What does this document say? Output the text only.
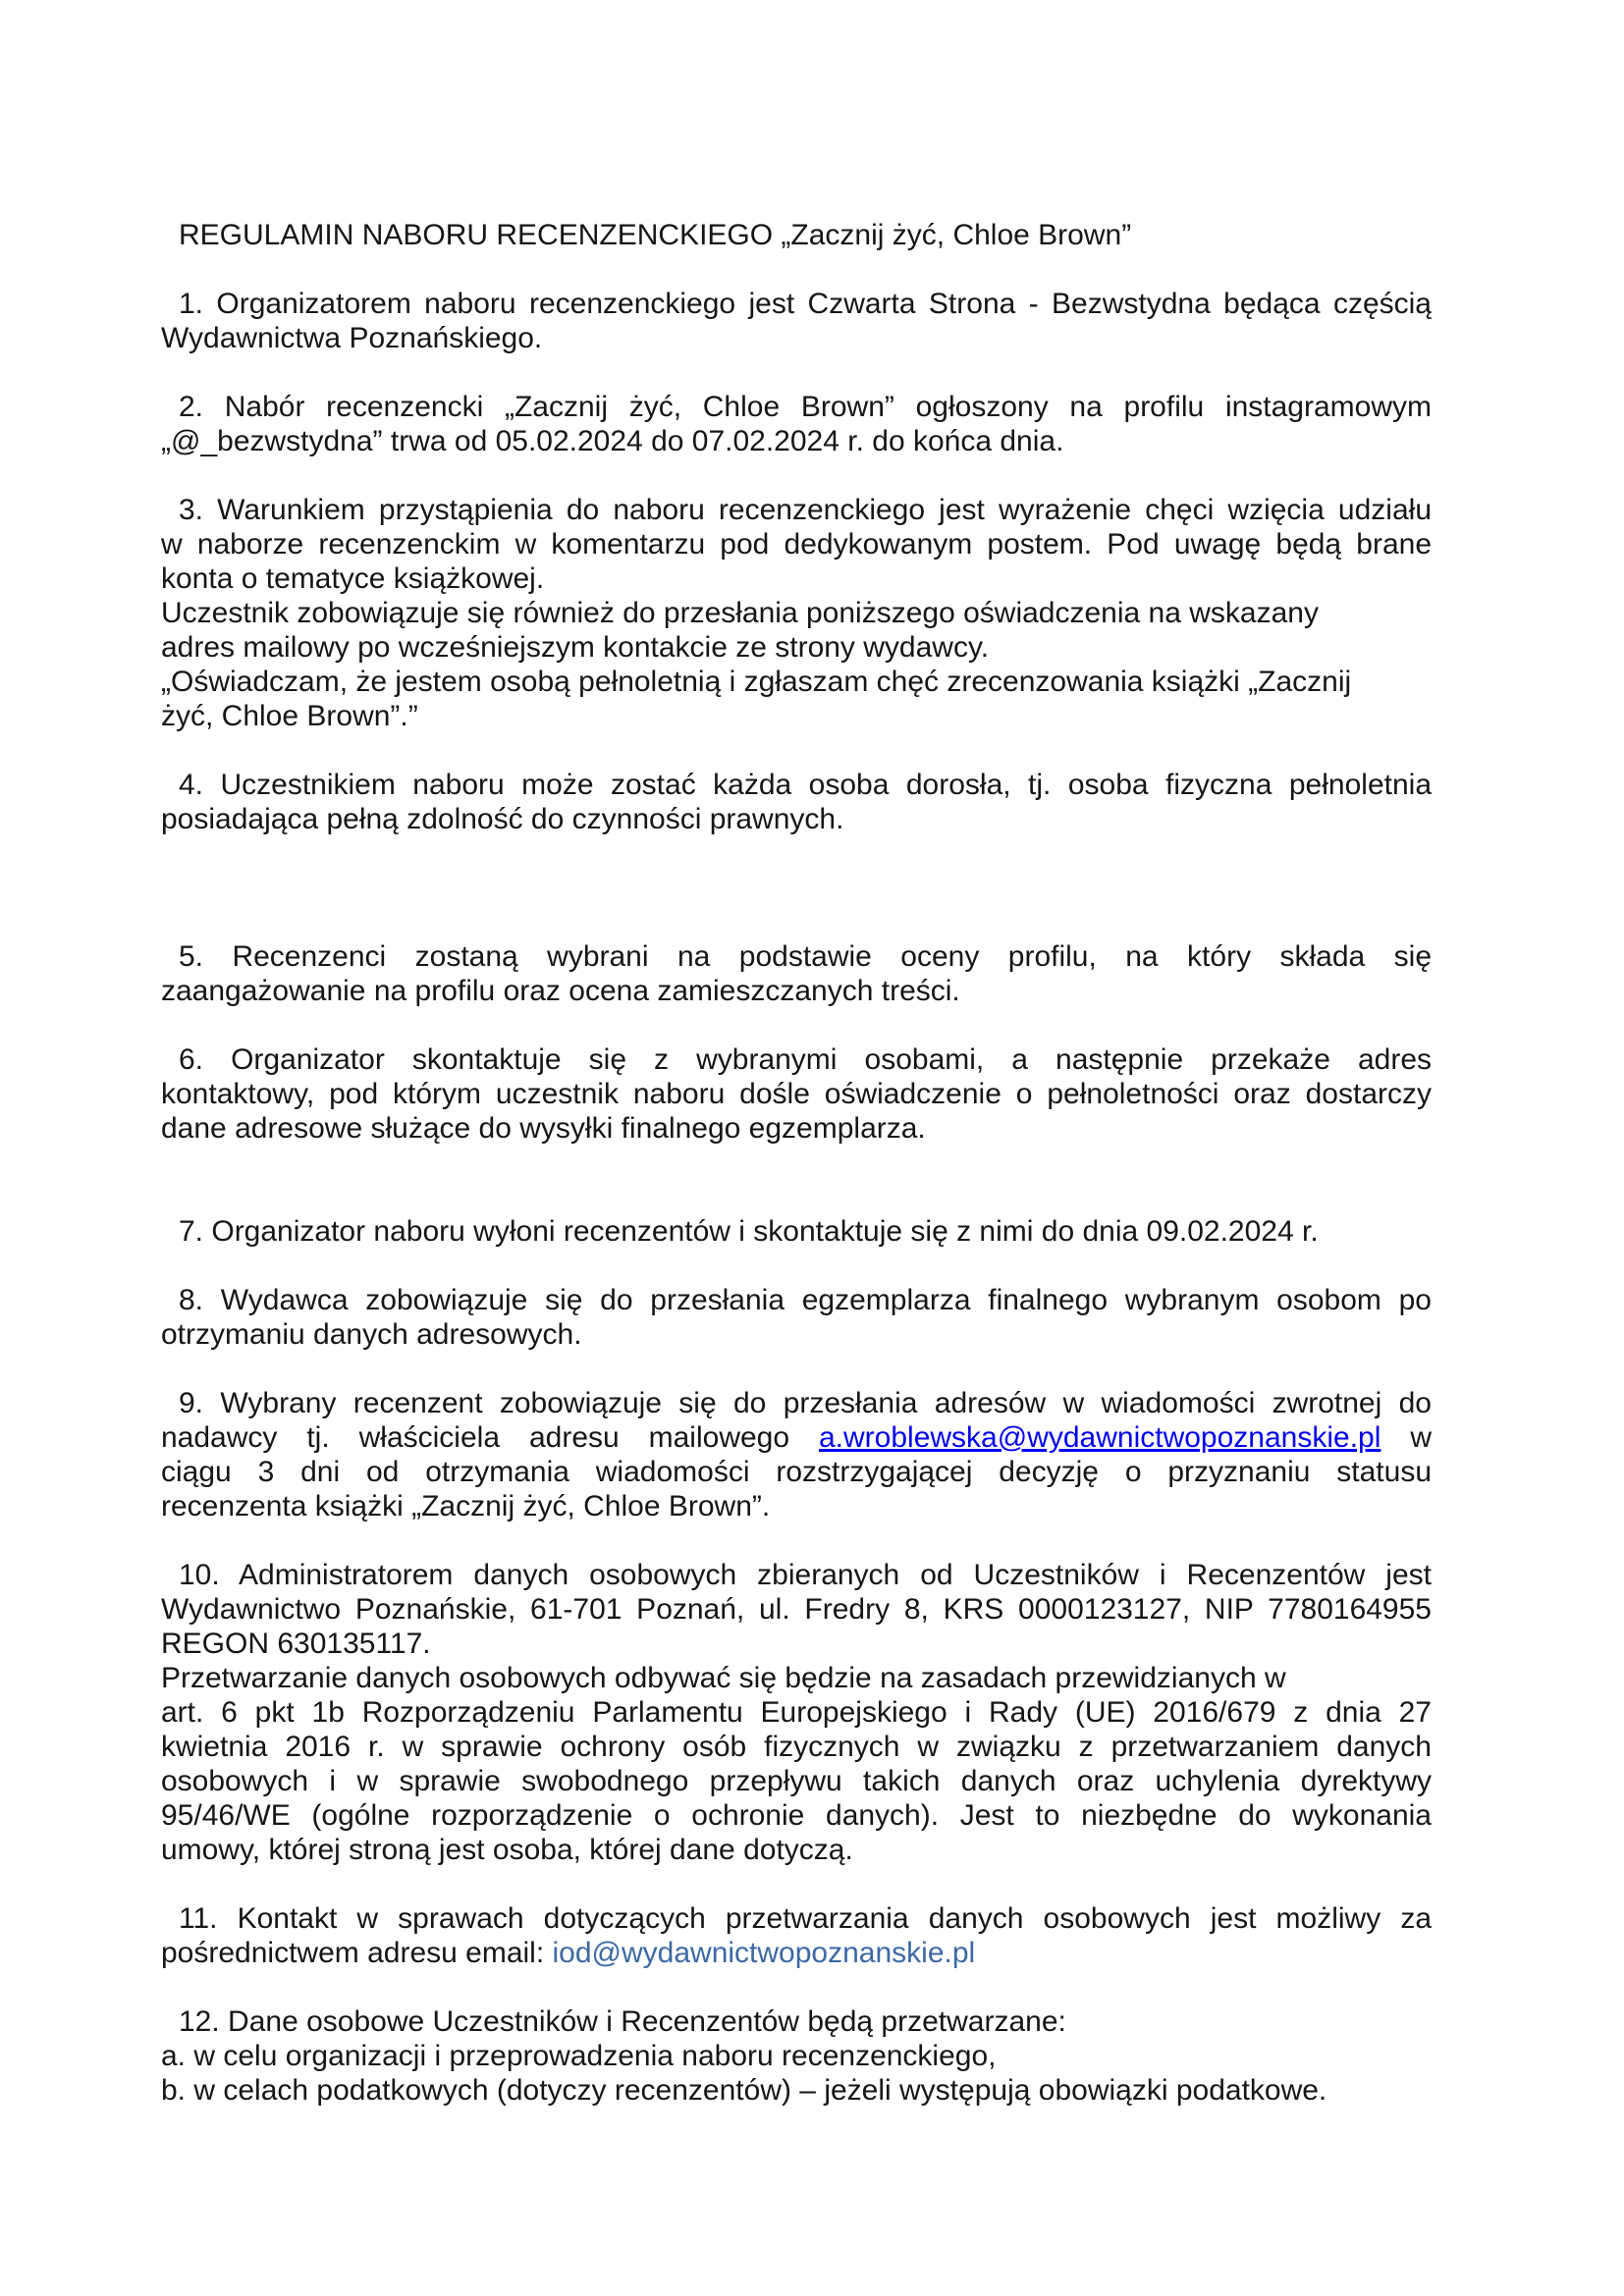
REGULAMIN NABORU RECENZENCKIEGO „Zacznij żyć, Chloe Brown”
1. Organizatorem naboru recenzenckiego jest Czwarta Strona - Bezwstydna będąca częścią
Wydawnictwa Poznańskiego.
2. Nabór recenzencki „Zacznij żyć, Chloe Brown” ogłoszony na profilu instagramowym
„@_bezwstydna” trwa od 05.02.2024 do 07.02.2024 r. do końca dnia.
3. Warunkiem przystąpienia do naboru recenzenckiego jest wyrażenie chęci wzięcia udziału
w naborze recenzenckim w komentarzu pod dedykowanym postem. Pod uwagę będą brane
konta o tematyce książkowej.
Uczestnik zobowiązuje się również do przesłania poniższego oświadczenia na wskazany
adres mailowy po wcześniejszym kontakcie ze strony wydawcy.
„Oświadczam, że jestem osobą pełnoletnią i zgłaszam chęć zrecenzowania książki „Zacznij
żyć, Chloe Brown”.”
4. Uczestnikiem naboru może zostać każda osoba dorosła, tj. osoba fizyczna pełnoletnia
posiadająca pełną zdolność do czynności prawnych.
5. Recenzenci zostaną wybrani na podstawie oceny profilu, na który składa się
zaangażowanie na profilu oraz ocena zamieszczanych treści.
6. Organizator skontaktuje się z wybranymi osobami, a następnie przekaże adres
kontaktowy, pod którym uczestnik naboru dośle oświadczenie o pełnoletności oraz dostarczy
dane adresowe służące do wysyłki finalnego egzemplarza.
7. Organizator naboru wyłoni recenzentów i skontaktuje się z nimi do dnia 09.02.2024 r.
8. Wydawca zobowiązuje się do przesłania egzemplarza finalnego wybranym osobom po
otrzymaniu danych adresowych.
9. Wybrany recenzent zobowiązuje się do przesłania adresów w wiadomości zwrotnej do
nadawcy tj. właściciela adresu mailowego a.wroblewska@wydawnictwopoznanskie.pl w
ciągu 3 dni od otrzymania wiadomości rozstrzygającej decyzję o przyznaniu statusu
recenzenta książki „Zacznij żyć, Chloe Brown”.
10. Administratorem danych osobowych zbieranych od Uczestników i Recenzentów jest
Wydawnictwo Poznańskie, 61-701 Poznań, ul. Fredry 8, KRS 0000123127, NIP 7780164955
REGON 630135117.
Przetwarzanie danych osobowych odbywać się będzie na zasadach przewidzianych w
art. 6 pkt 1b Rozporządzeniu Parlamentu Europejskiego i Rady (UE) 2016/679 z dnia 27
kwietnia 2016 r. w sprawie ochrony osób fizycznych w związku z przetwarzaniem danych
osobowych i w sprawie swobodnego przepływu takich danych oraz uchylenia dyrektywy
95/46/WE (ogólne rozporządzenie o ochronie danych). Jest to niezbędne do wykonania
umowy, której stroną jest osoba, której dane dotyczą.
11. Kontakt w sprawach dotyczących przetwarzania danych osobowych jest możliwy za
pośrednictwem adresu email: iod@wydawnictwopoznanskie.pl
12. Dane osobowe Uczestników i Recenzentów będą przetwarzane:
a. w celu organizacji i przeprowadzenia naboru recenzenckiego,
b. w celach podatkowych (dotyczy recenzentów) – jeżeli występują obowiązki podatkowe.
